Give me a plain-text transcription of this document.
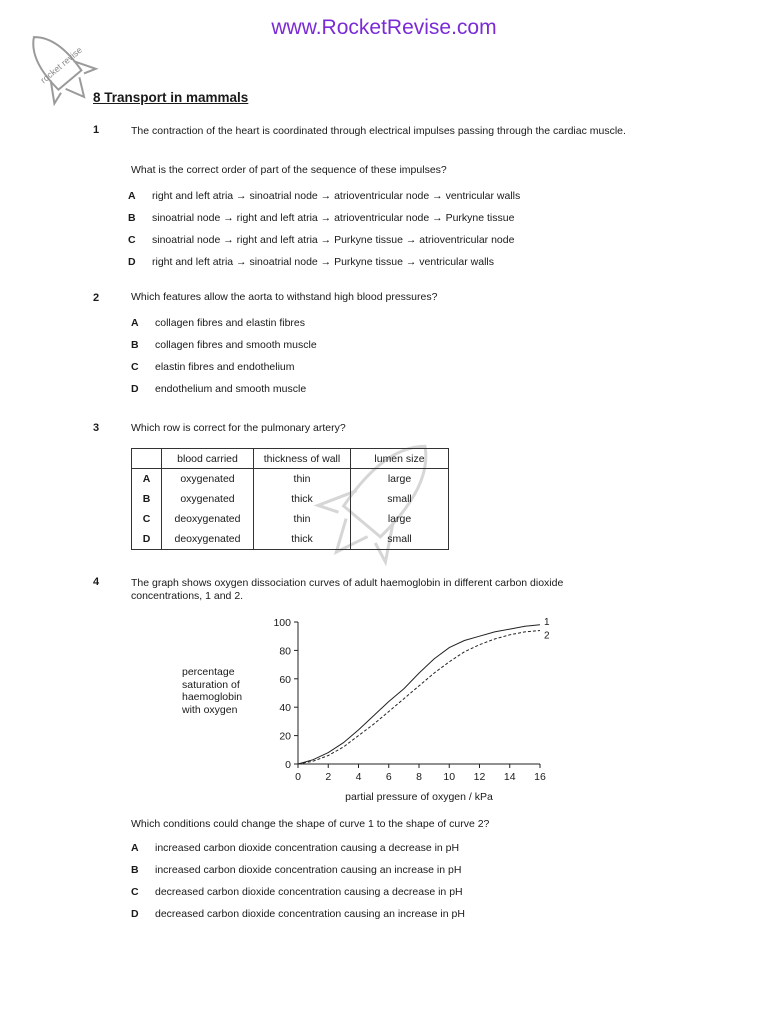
www.RocketRevise.com
rocket revise
8 Transport in mammals
1	The contraction of the heart is coordinated through electrical impulses passing through the cardiac muscle.
What is the correct order of part of the sequence of these impulses?
A right and left atria → sinoatrial node → atrioventricular node → ventricular walls
B sinoatrial node → right and left atria → atrioventricular node → Purkyne tissue
C sinoatrial node → right and left atria → Purkyne tissue → atrioventricular node
D right and left atria → sinoatrial node → Purkyne tissue → ventricular walls
2	Which features allow the aorta to withstand high blood pressures?
A collagen fibres and elastin fibres
B collagen fibres and smooth muscle
C elastin fibres and endothelium
D endothelium and smooth muscle
3	Which row is correct for the pulmonary artery?
	blood carried	thickness of wall	lumen size
A	oxygenated	thin	large
B	oxygenated	thick	small
C	deoxygenated	thin	large
D	deoxygenated	thick	small
4	The graph shows oxygen dissociation curves of adult haemoglobin in different carbon dioxide concentrations, 1 and 2.
percentage
saturation of
haemoglobin
with oxygen
0 2 4 6 8 10 12 14 16
0
20
40
60
80
100
partial pressure of oxygen / kPa
1
2
Which conditions could change the shape of curve 1 to the shape of curve 2?
A increased carbon dioxide concentration causing a decrease in pH
B increased carbon dioxide concentration causing an increase in pH
C decreased carbon dioxide concentration causing a decrease in pH
D decreased carbon dioxide concentration causing an increase in pH
